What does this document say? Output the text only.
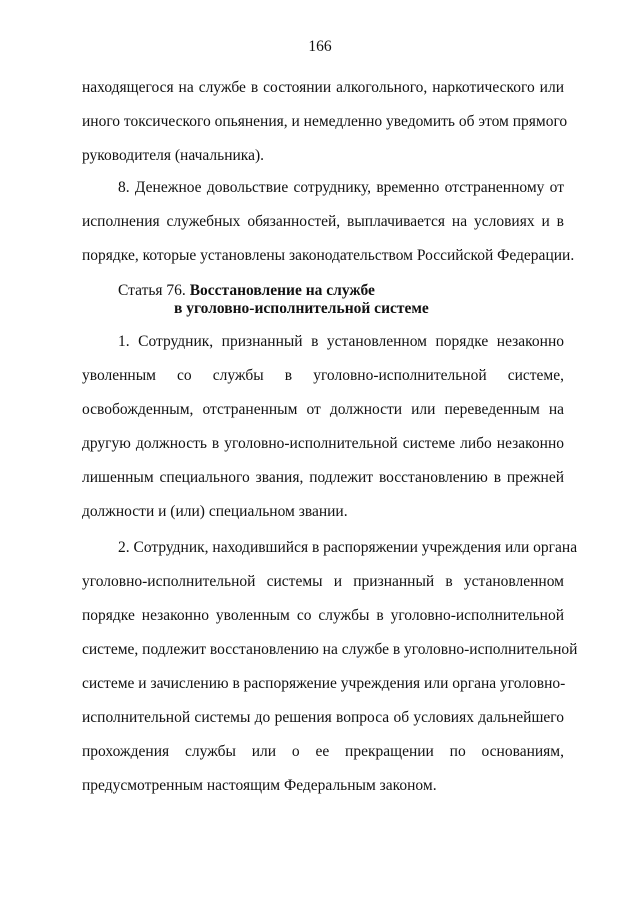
166
находящегося на службе в состоянии алкогольного, наркотического или
иного токсического опьянения, и немедленно уведомить об этом прямого
руководителя (начальника).
8. Денежное довольствие сотруднику, временно отстраненному от
исполнения служебных обязанностей, выплачивается на условиях и в
порядке, которые установлены законодательством Российской Федерации.
Статья 76. Восстановление на службе
в уголовно-исполнительной системе
1. Сотрудник, признанный в установленном порядке незаконно
уволенным со службы в уголовно-исполнительной системе,
освобожденным, отстраненным от должности или переведенным на
другую должность в уголовно-исполнительной системе либо незаконно
лишенным специального звания, подлежит восстановлению в прежней
должности и (или) специальном звании.
2. Сотрудник, находившийся в распоряжении учреждения или органа
уголовно-исполнительной системы и признанный в установленном
порядке незаконно уволенным со службы в уголовно-исполнительной
системе, подлежит восстановлению на службе в уголовно-исполнительной
системе и зачислению в распоряжение учреждения или органа уголовно-
исполнительной системы до решения вопроса об условиях дальнейшего
прохождения службы или о ее прекращении по основаниям,
предусмотренным настоящим Федеральным законом.
